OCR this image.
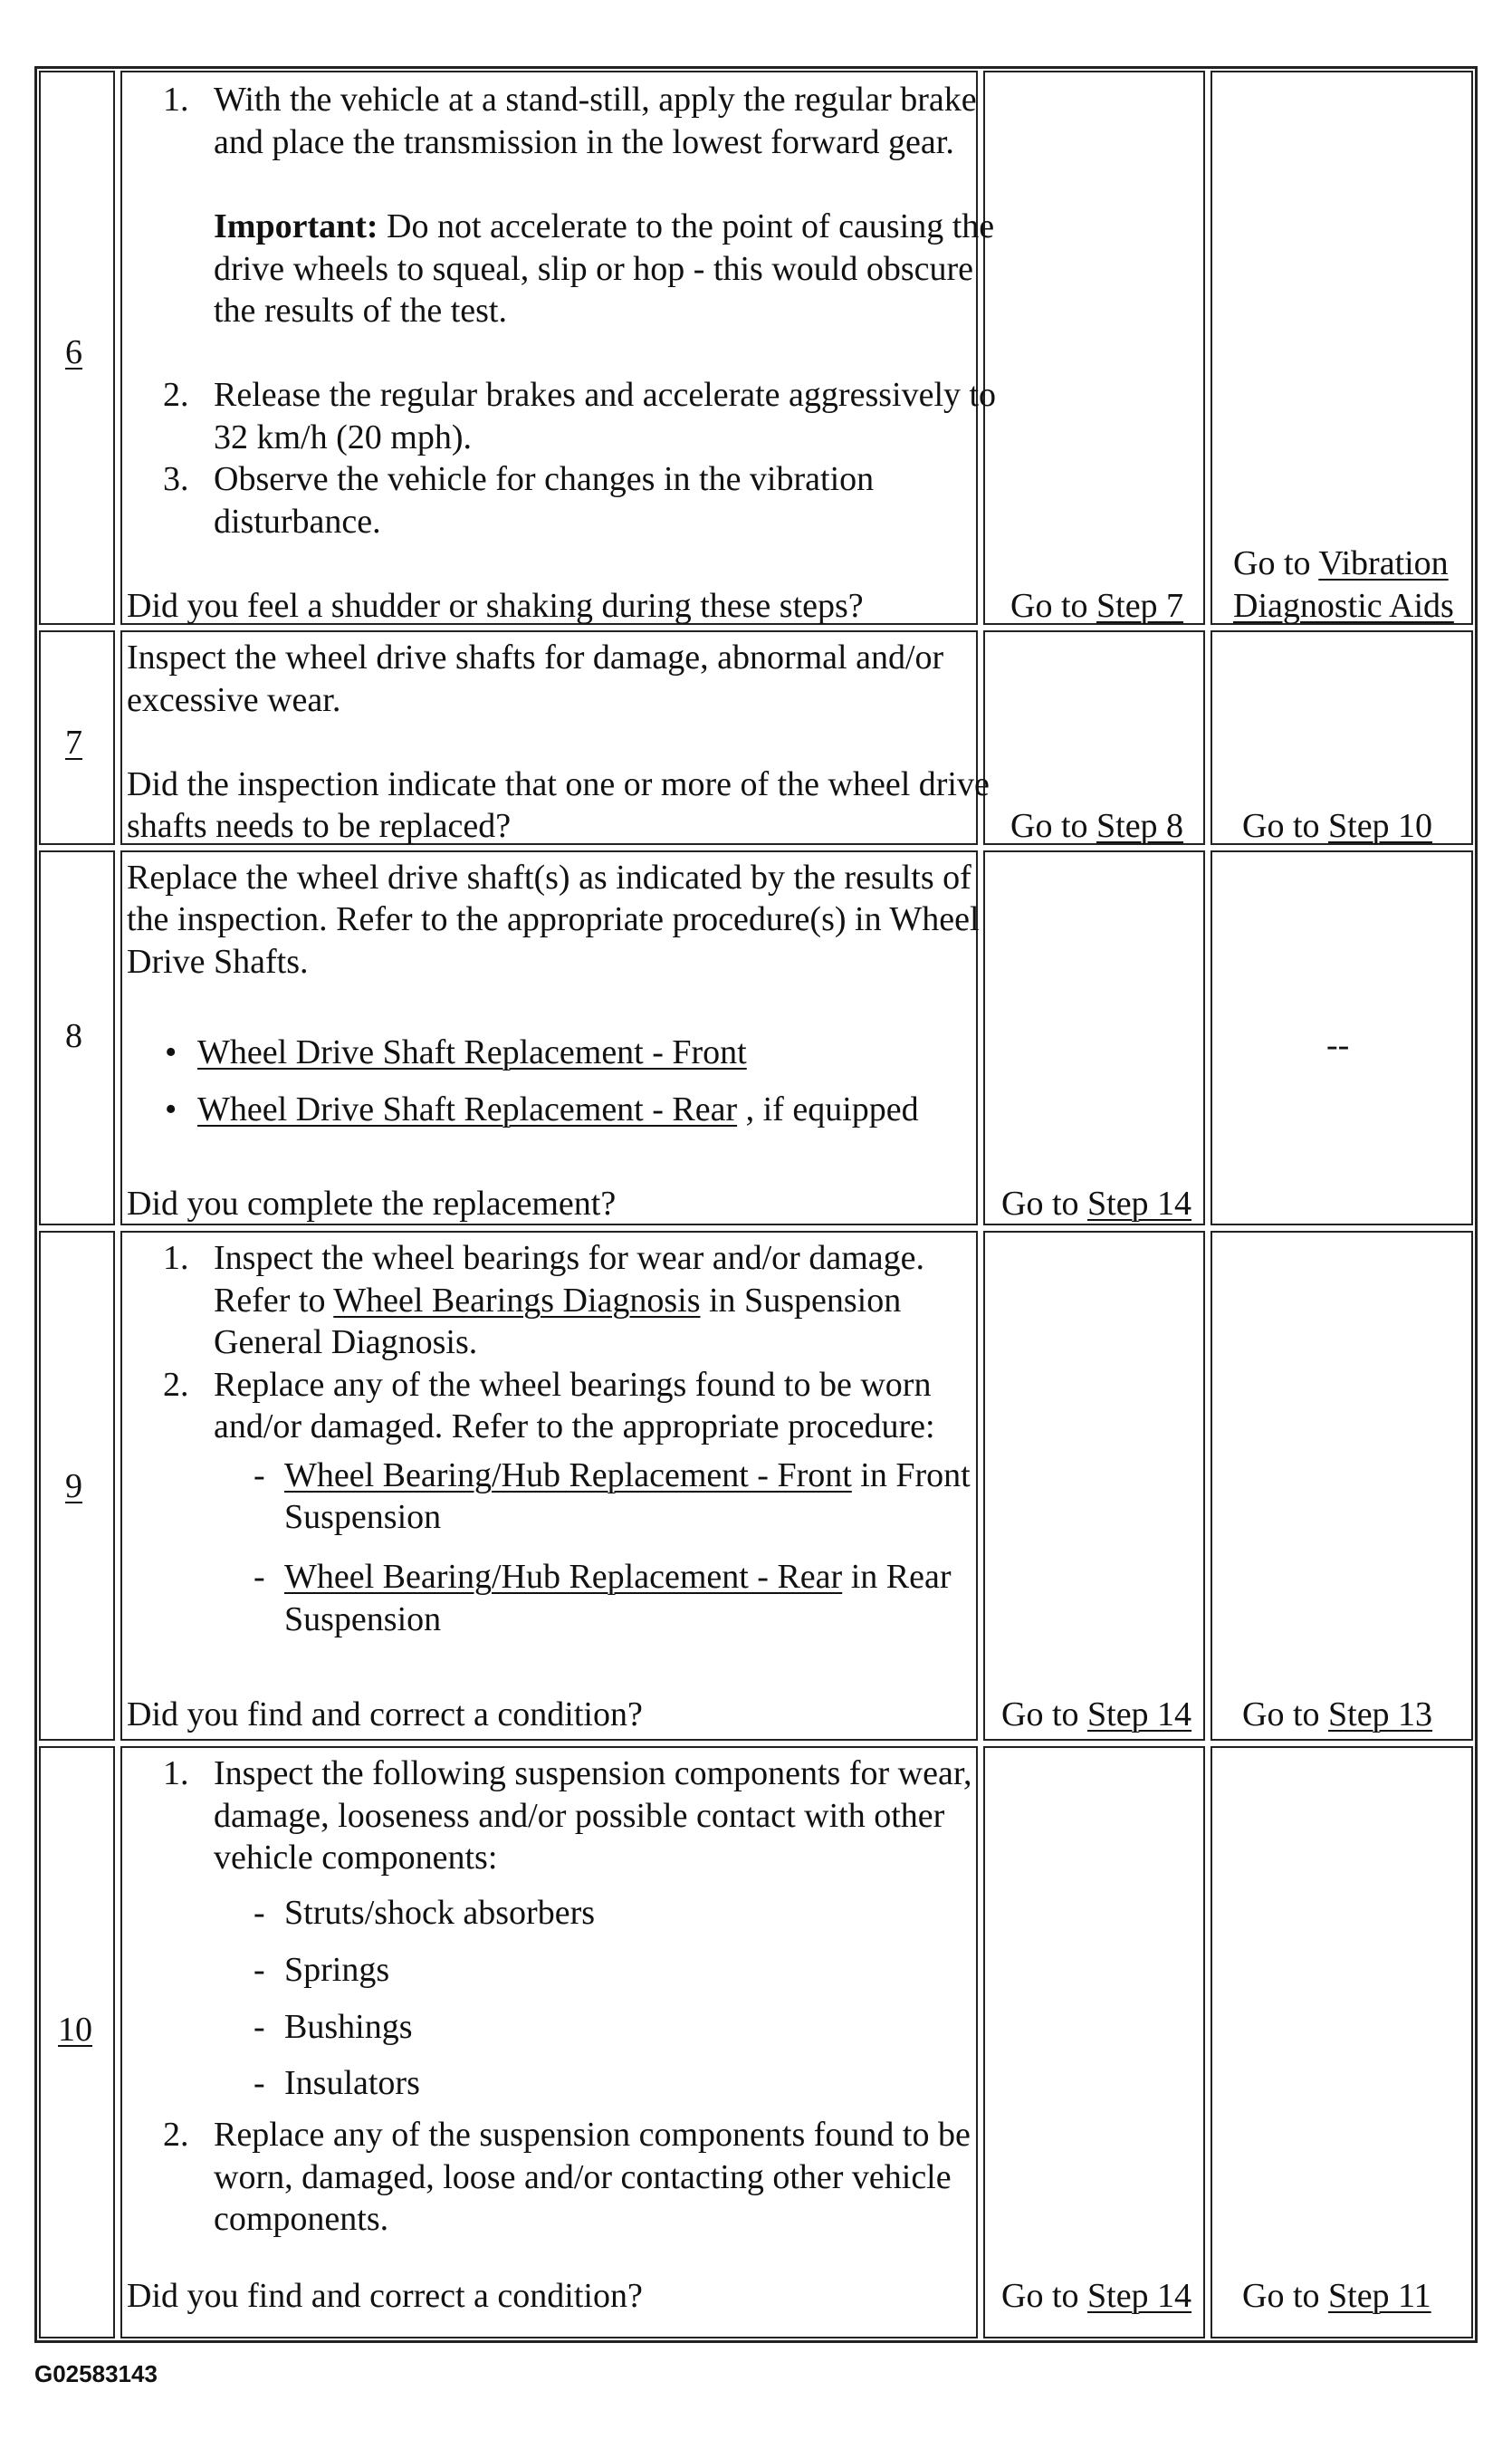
6
1. With the vehicle at a stand-still, apply the regular brake
and place the transmission in the lowest forward gear.
Important: Do not accelerate to the point of causing the
drive wheels to squeal, slip or hop - this would obscure
the results of the test.
2. Release the regular brakes and accelerate aggressively to
32 km/h (20 mph).
3. Observe the vehicle for changes in the vibration
disturbance.
Did you feel a shudder or shaking during these steps?	Go to Step 7
Go to Vibration
Diagnostic Aids
7
Inspect the wheel drive shafts for damage, abnormal and/or
excessive wear.
Did the inspection indicate that one or more of the wheel drive
shafts needs to be replaced?	Go to Step 8 Go to Step 10
8
Replace the wheel drive shaft(s) as indicated by the results of
the inspection. Refer to the appropriate procedure(s) in Wheel
Drive Shafts.
• Wheel Drive Shaft Replacement - Front
• Wheel Drive Shaft Replacement - Rear , if equipped
Did you complete the replacement?	Go to Step 14
--
9
1. Inspect the wheel bearings for wear and/or damage.
Refer to Wheel Bearings Diagnosis in Suspension
General Diagnosis.
2. Replace any of the wheel bearings found to be worn
and/or damaged. Refer to the appropriate procedure:
- Wheel Bearing/Hub Replacement - Front in Front
Suspension
- Wheel Bearing/Hub Replacement - Rear in Rear
Suspension
Did you find and correct a condition?	Go to Step 14 Go to Step 13
10
1. Inspect the following suspension components for wear,
damage, looseness and/or possible contact with other
vehicle components:
- Struts/shock absorbers
- Springs
- Bushings
- Insulators
2. Replace any of the suspension components found to be
worn, damaged, loose and/or contacting other vehicle
components.
Did you find and correct a condition?	Go to Step 14 Go to Step 11
G02583143
